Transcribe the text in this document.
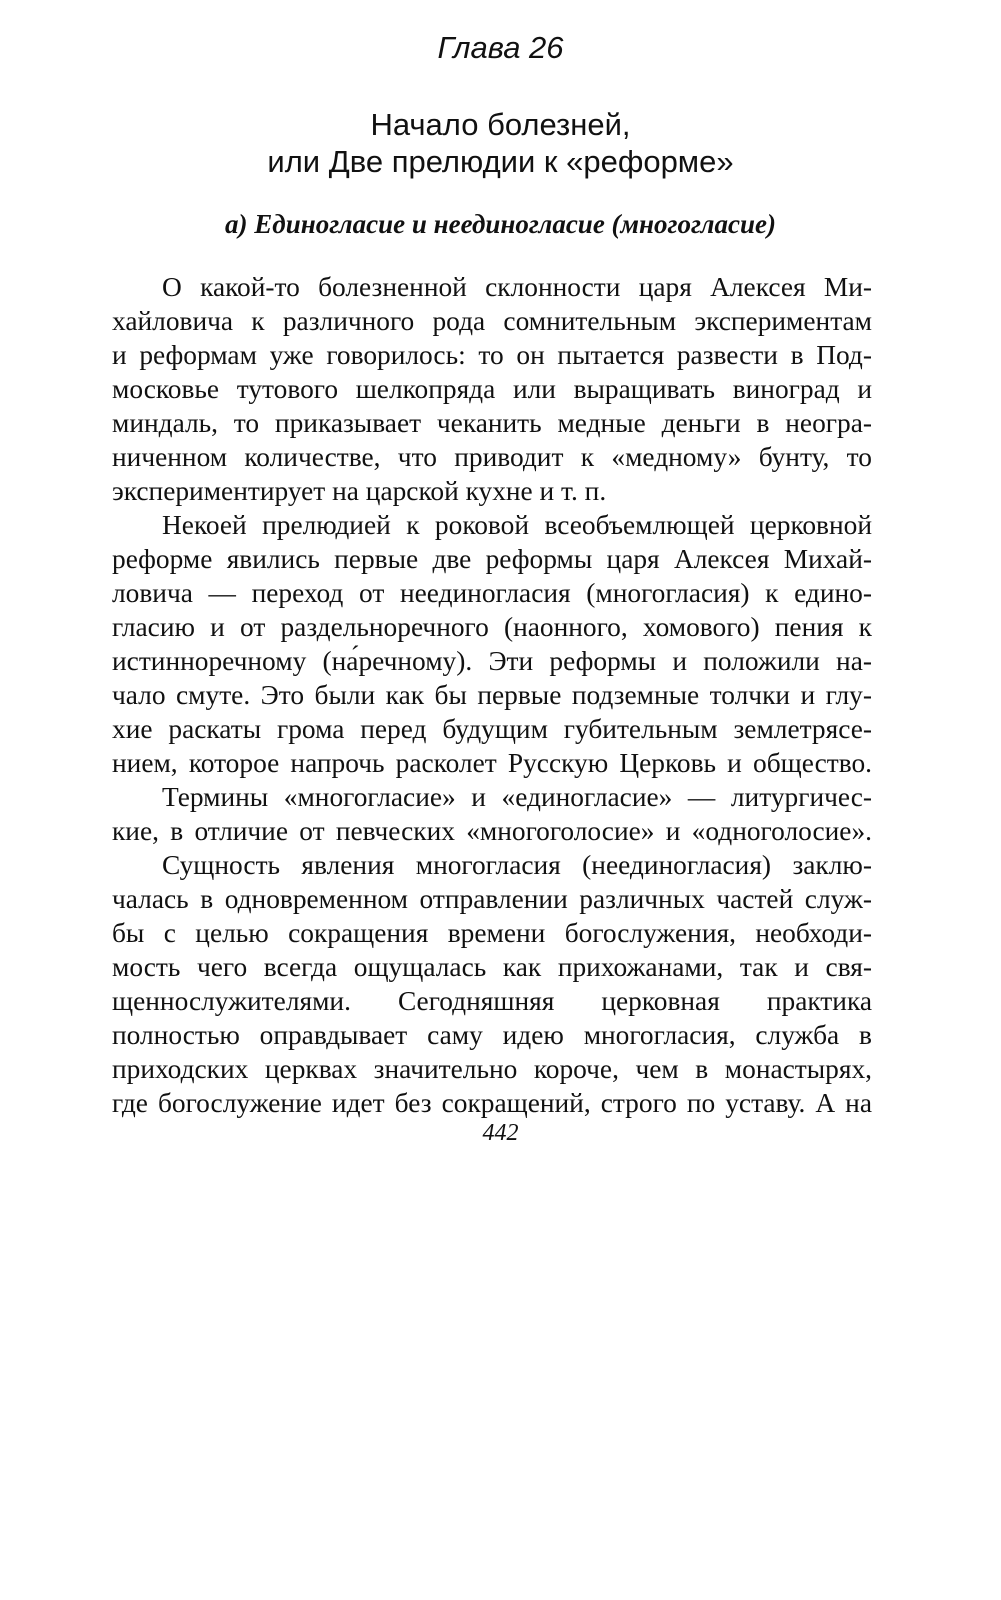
Глава 26
Начало болезней,
или Две прелюдии к «реформе»
а) Единогласие и неединогласие (многогласие)
О какой-то болезненной склонности царя Алексея Ми-
хайловича к различного рода сомнительным экспериментам
и реформам уже говорилось: то он пытается развести в Под-
московье тутового шелкопряда или выращивать виноград и
миндаль, то приказывает чеканить медные деньги в неогра-
ниченном количестве, что приводит к «медному» бунту, то
экспериментирует на царской кухне и т. п.
Некоей прелюдией к роковой всеобъемлющей церковной
реформе явились первые две реформы царя Алексея Михай-
ловича — переход от неединогласия (многогласия) к едино-
гласию и от раздельноречного (наонного, хомового) пения к
истинноречному (на́речному). Эти реформы и положили на-
чало смуте. Это были как бы первые подземные толчки и глу-
хие раскаты грома перед будущим губительным землетрясе-
нием, которое напрочь расколет Русскую Церковь и общество.
Термины «многогласие» и «единогласие» — литургичес-
кие, в отличие от певческих «многоголосие» и «одноголосие».
Сущность явления многогласия (неединогласия) заклю-
чалась в одновременном отправлении различных частей служ-
бы с целью сокращения времени богослужения, необходи-
мость чего всегда ощущалась как прихожанами, так и свя-
щеннослужителями. Сегодняшняя церковная практика
полностью оправдывает саму идею многогласия, служба в
приходских церквах значительно короче, чем в монастырях,
где богослужение идет без сокращений, строго по уставу. А на
442
